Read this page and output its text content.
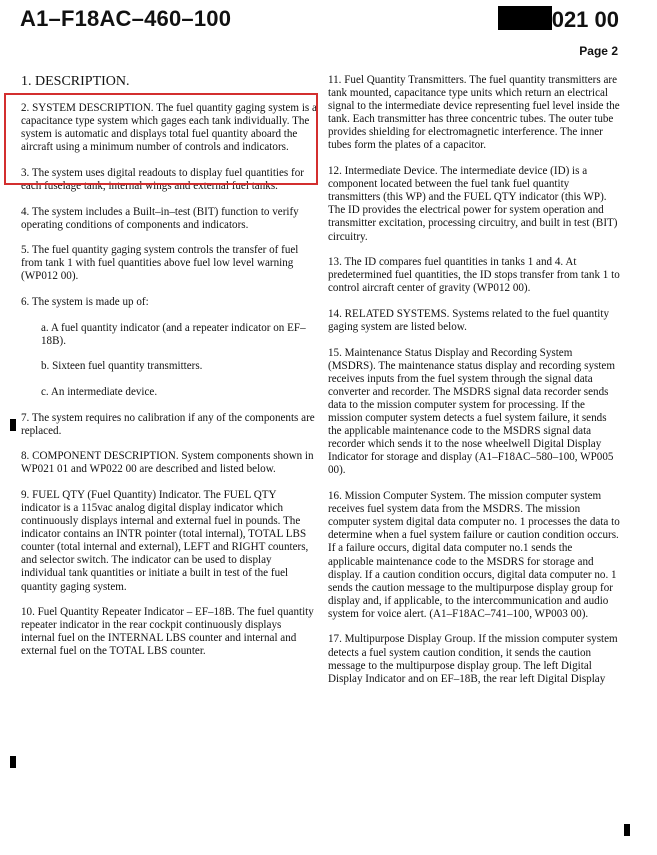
A1–F18AC–460–100	021 00
Page 2

1. DESCRIPTION.

2. SYSTEM DESCRIPTION. The fuel quantity gaging system is a capacitance type system which gages each tank individually. The system is automatic and displays total fuel quantity aboard the aircraft using a minimum number of controls and indicators.

3. The system uses digital readouts to display fuel quantities for each fuselage tank, internal wings and external fuel tanks.

4. The system includes a Built–in–test (BIT) function to verify operating conditions of components and indicators.

5. The fuel quantity gaging system controls the transfer of fuel from tank 1 with fuel quantities above fuel low level warning (WP012 00).

6. The system is made up of:

a. A fuel quantity indicator (and a repeater indicator on EF–18B).

b. Sixteen fuel quantity transmitters.

c. An intermediate device.

7. The system requires no calibration if any of the components are replaced.

8. COMPONENT DESCRIPTION. System components shown in WP021 01 and WP022 00 are described and listed below.

9. FUEL QTY (Fuel Quantity) Indicator. The FUEL QTY indicator is a 115vac analog digital display indicator which continuously displays internal and external fuel in pounds. The indicator contains an INTR pointer (total internal), TOTAL LBS counter (total internal and external), LEFT and RIGHT counters, and selector switch. The indicator can be used to display individual tank quantities or initiate a built in test of the fuel quantity gaging system.

10. Fuel Quantity Repeater Indicator – EF–18B. The fuel quantity repeater indicator in the rear cockpit continuously displays internal fuel on the INTERNAL LBS counter and internal and external fuel on the TOTAL LBS counter.

11. Fuel Quantity Transmitters. The fuel quantity transmitters are tank mounted, capacitance type units which return an electrical signal to the intermediate device representing fuel level inside the tank. Each transmitter has three concentric tubes. The outer tube provides shielding for electromagnetic interference. The inner tubes form the plates of a capacitor.

12. Intermediate Device. The intermediate device (ID) is a component located between the fuel tank fuel quantity transmitters (this WP) and the FUEL QTY indicator (this WP). The ID provides the electrical power for system operation and transmitter excitation, processing circuitry, and built in test (BIT) circuitry.

13. The ID compares fuel quantities in tanks 1 and 4. At predetermined fuel quantities, the ID stops transfer from tank 1 to control aircraft center of gravity (WP012 00).

14. RELATED SYSTEMS. Systems related to the fuel quantity gaging system are listed below.

15. Maintenance Status Display and Recording System (MSDRS). The maintenance status display and recording system receives inputs from the fuel system through the signal data converter and recorder. The MSDRS signal data recorder sends data to the mission computer system for processing. If the mission computer system detects a fuel system failure, it sends the applicable maintenance code to the MSDRS signal data recorder which sends it to the nose wheelwell Digital Display Indicator for storage and display (A1–F18AC–580–100, WP005 00).

16. Mission Computer System. The mission computer system receives fuel system data from the MSDRS. The mission computer system digital data computer no. 1 processes the data to determine when a fuel system failure or caution condition occurs. If a failure occurs, digital data computer no.1 sends the applicable maintenance code to the MSDRS for storage and display. If a caution condition occurs, digital data computer no. 1 sends the caution message to the multipurpose display group for display and, if applicable, to the intercommunication and audio system for voice alert. (A1–F18AC–741–100, WP003 00).

17. Multipurpose Display Group. If the mission computer system detects a fuel system caution condition, it sends the caution message to the multipurpose display group. The left Digital Display Indicator and on EF–18B, the rear left Digital Display
